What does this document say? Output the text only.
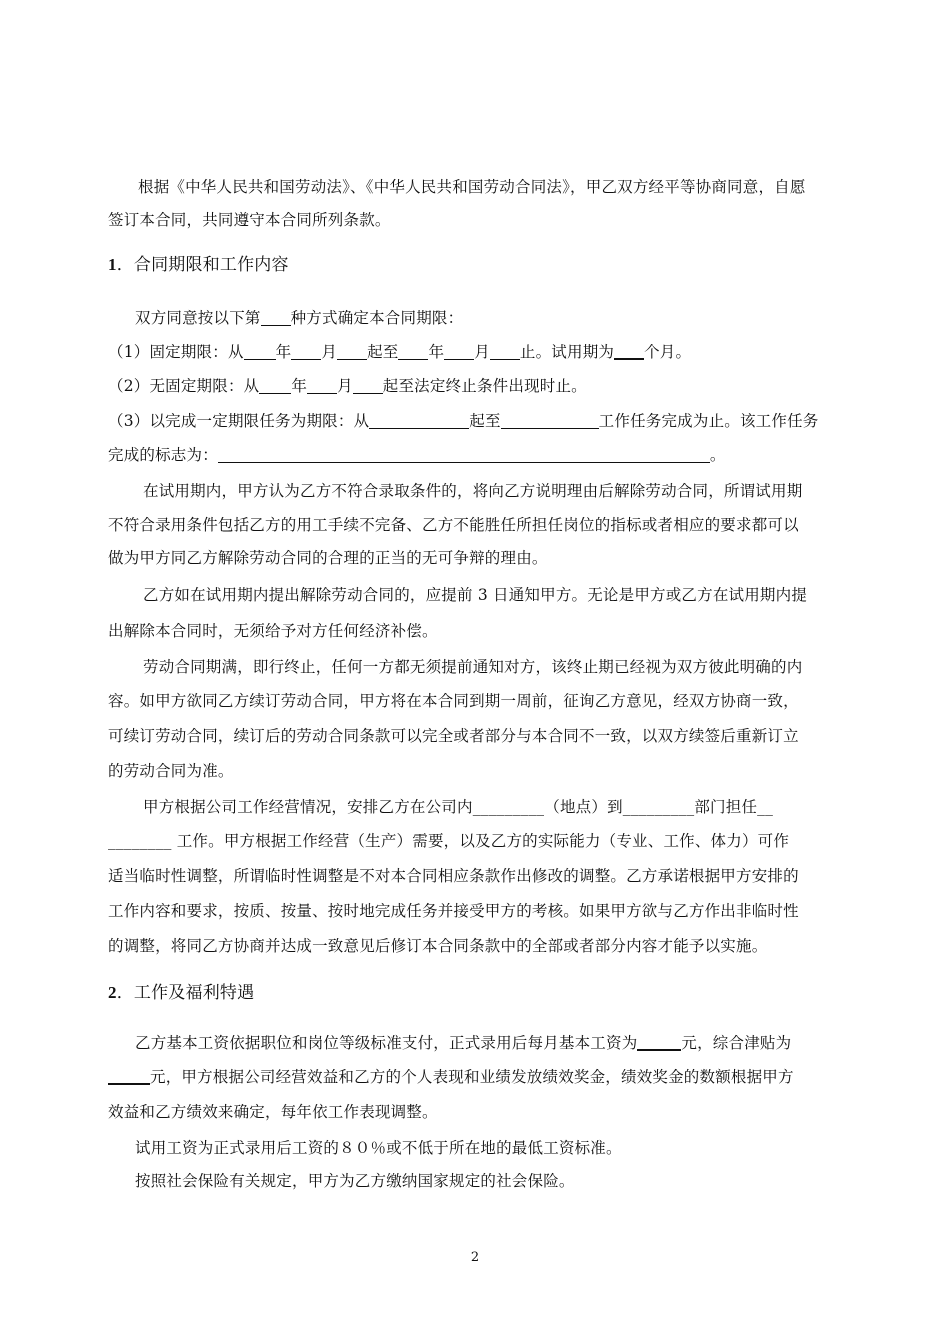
根据《中华人民共和国劳动法》、《中华人民共和国劳动合同法》，甲乙双方经平等协商同意，自愿
签订本合同，共同遵守本合同所列条款。
1．合同期限和工作内容
双方同意按以下第 种方式确定本合同期限：
（1）固定期限：从 年 月 起至 年 月 止。试用期为 个月。
（2）无固定期限：从 年 月 起至法定终止条件出现时止。
（3）以完成一定期限任务为期限：从	起至	工作任务完成为止。该工作任务
完成的标志为：	。
在试用期内，甲方认为乙方不符合录取条件的，将向乙方说明理由后解除劳动合同，所谓试用期
不符合录用条件包括乙方的用工手续不完备、乙方不能胜任所担任岗位的指标或者相应的要求都可以
做为甲方同乙方解除劳动合同的合理的正当的无可争辩的理由。
乙方如在试用期内提出解除劳动合同的，应提前 3 日通知甲方。无论是甲方或乙方在试用期内提
出解除本合同时，无须给予对方任何经济补偿。
劳动合同期满，即行终止，任何一方都无须提前通知对方，该终止期已经视为双方彼此明确的内
容。如甲方欲同乙方续订劳动合同，甲方将在本合同到期一周前，征询乙方意见，经双方协商一致，
可续订劳动合同，续订后的劳动合同条款可以完全或者部分与本合同不一致，以双方续签后重新订立
的劳动合同为准。
甲方根据公司工作经营情况，安排乙方在公司内_________（地点）到_________部门担任__
________ 工作。甲方根据工作经营（生产）需要，以及乙方的实际能力（专业、工作、体力）可作
适当临时性调整，所谓临时性调整是不对本合同相应条款作出修改的调整。乙方承诺根据甲方安排的
工作内容和要求，按质、按量、按时地完成任务并接受甲方的考核。如果甲方欲与乙方作出非临时性
的调整，将同乙方协商并达成一致意见后修订本合同条款中的全部或者部分内容才能予以实施。
2．工作及福利特遇
乙方基本工资依据职位和岗位等级标准支付，正式录用后每月基本工资为	元，综合津贴为
元，甲方根据公司经营效益和乙方的个人表现和业绩发放绩效奖金，绩效奖金的数额根据甲方
效益和乙方绩效来确定，每年依工作表现调整。
试用工资为正式录用后工资的８０％或不低于所在地的最低工资标准。
按照社会保险有关规定，甲方为乙方缴纳国家规定的社会保险。
2
